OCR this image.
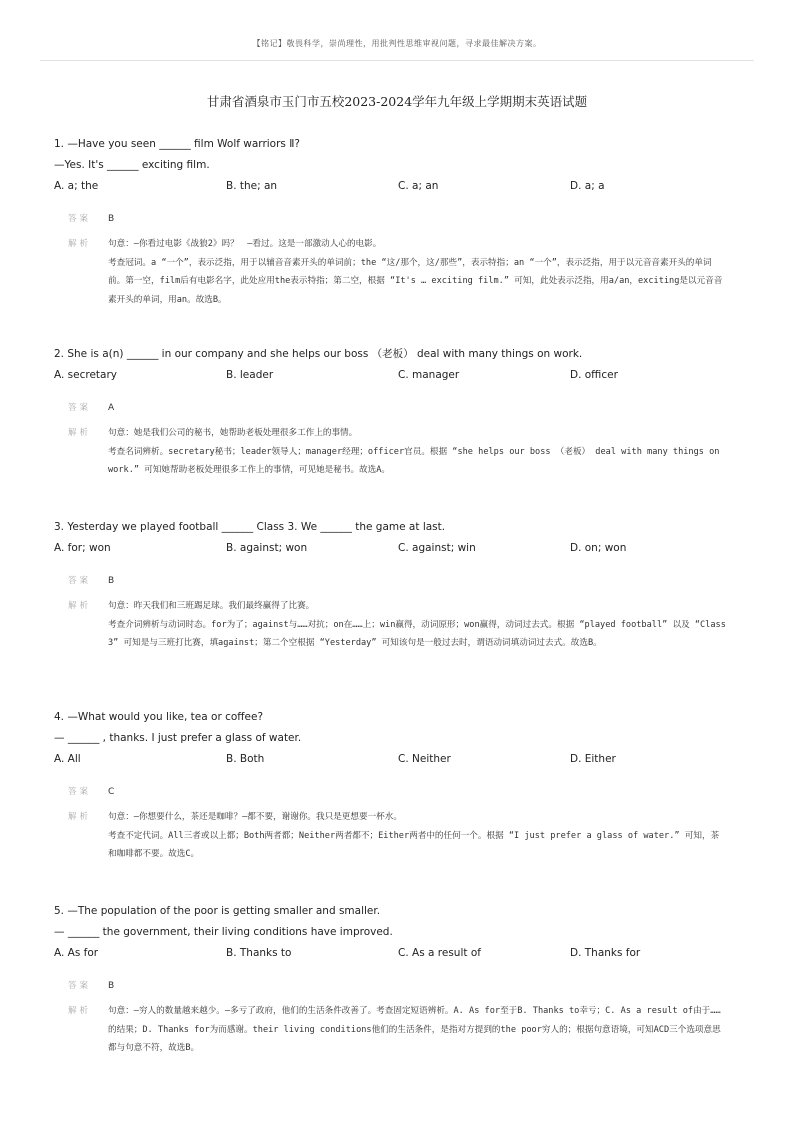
【铭记】敬畏科学，崇尚理性，用批判性思维审视问题，寻求最佳解决方案。
甘肃省酒泉市玉门市五校2023-2024学年九年级上学期期末英语试题
1. —Have you seen ______ film Wolf warriors Ⅱ?
—Yes. It's ______ exciting film.
A. a; the	B. the; an	C. a; an	D. a; a
答案 B
解析 句意：—你看过电影《战狼2》吗？　—看过。这是一部激动人心的电影。
考查冠词。a “一个”，表示泛指，用于以辅音音素开头的单词前；the “这/那个，这/那些”，表示特指；an “一个”，表示泛指，用于以元音音素开头的单词前。第一空，film后有电影名字，此处应用the表示特指；第二空，根据 “It's … exciting film.” 可知，此处表示泛指，用a/an，exciting是以元音音素开头的单词，用an。故选B。
2. She is a(n) ______ in our company and she helps our boss （老板） deal with many things on work.
A. secretary	B. leader	C. manager	D. officer
答案 A
解析 句意：她是我们公司的秘书，她帮助老板处理很多工作上的事情。
考查名词辨析。secretary秘书；leader领导人；manager经理；officer官员。根据 “she helps our boss （老板） deal with many things on work.” 可知她帮助老板处理很多工作上的事情，可见她是秘书。故选A。
3. Yesterday we played football ______ Class 3. We ______ the game at last.
A. for; won	B. against; won	C. against; win	D. on; won
答案 B
解析 句意：昨天我们和三班踢足球。我们最终赢得了比赛。
考查介词辨析与动词时态。for为了；against与……对抗；on在……上；win赢得，动词原形；won赢得，动词过去式。根据 “played football” 以及 “Class 3” 可知是与三班打比赛，填against；第二个空根据 “Yesterday” 可知该句是一般过去时，谓语动词填动词过去式。故选B。
4. —What would you like, tea or coffee?
— ______ , thanks. I just prefer a glass of water.
A. All	B. Both	C. Neither	D. Either
答案 C
解析 句意：—你想要什么，茶还是咖啡？—都不要，谢谢你。我只是更想要一杯水。
考查不定代词。All三者或以上都；Both两者都；Neither两者都不；Either两者中的任何一个。根据 “I just prefer a glass of water.” 可知，茶和咖啡都不要。故选C。
5. —The population of the poor is getting smaller and smaller.
— ______ the government, their living conditions have improved.
A. As for	B. Thanks to	C. As a result of	D. Thanks for
答案 B
解析 句意：—穷人的数量越来越少。—多亏了政府，他们的生活条件改善了。考查固定短语辨析。A. As for至于B. Thanks to幸亏；C. As a result of由于……的结果；D. Thanks for为而感谢。their living conditions他们的生活条件，是指对方提到的the poor穷人的；根据句意语境，可知ACD三个选项意思都与句意不符，故选B。
